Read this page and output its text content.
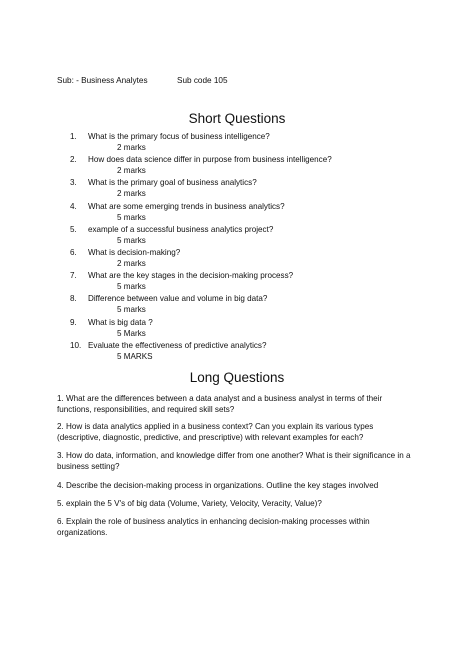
Sub: - Business Analytes	Sub code 105
Short Questions
1. What is the primary focus of business intelligence?
2 marks
2. How does data science differ in purpose from business intelligence?
2 marks
3. What is the primary goal of business analytics?
2 marks
4. What are some emerging trends in business analytics?
5 marks
5. example of a successful business analytics project?
5 marks
6. What is decision-making?
2 marks
7. What are the key stages in the decision-making process?
5 marks
8. Difference between value and volume in big data?
5 marks
9. What is big data ?
5 Marks
10. Evaluate the effectiveness of predictive analytics?
5 MARKS
Long Questions
1. What are the differences between a data analyst and a business analyst in terms of their functions, responsibilities, and required skill sets?
2. How is data analytics applied in a business context? Can you explain its various types (descriptive, diagnostic, predictive, and prescriptive) with relevant examples for each?
3. How do data, information, and knowledge differ from one another? What is their significance in a business setting?
4. Describe the decision-making process in organizations. Outline the key stages involved
5. explain the 5 V's of big data (Volume, Variety, Velocity, Veracity, Value)?
6. Explain the role of business analytics in enhancing decision-making processes within organizations.
